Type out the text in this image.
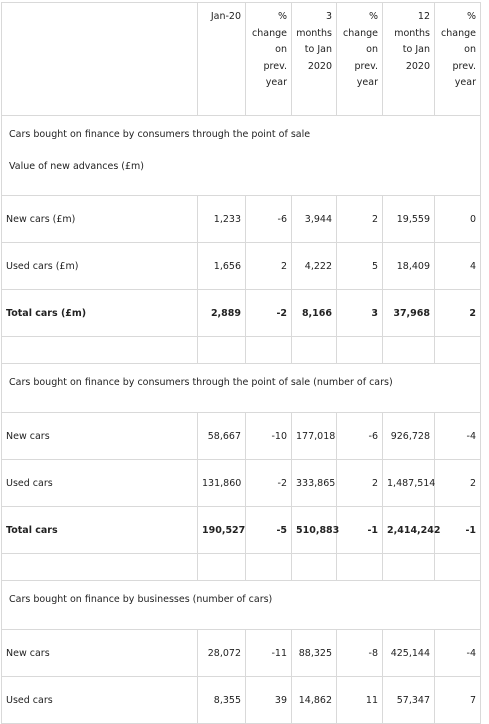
	Jan-20	%
change
on
prev.
year	3
months
to Jan
2020	%
change
on
prev.
year	12
months
to Jan
2020	%
change
on
prev.
year

Cars bought on finance by consumers through the point of sale
Value of new advances (£m)						

New cars (£m)	1,233	-6	3,944	2	19,559	0
Used cars (£m)	1,656	2	4,222	5	18,409	4
Total cars (£m)	2,889	-2	8,166	3	37,968	2

Cars bought on finance by consumers through the point of sale (number of cars)						
New cars	58,667	-10	177,018	-6	926,728	-4
Used cars	131,860	-2	333,865	2	1,487,514	2
Total cars	190,527	-5	510,883	-1	2,414,242	-1

Cars bought on finance by businesses (number of cars)						
New cars	28,072	-11	88,325	-8	425,144	-4
Used cars	8,355	39	14,862	11	57,347	7
